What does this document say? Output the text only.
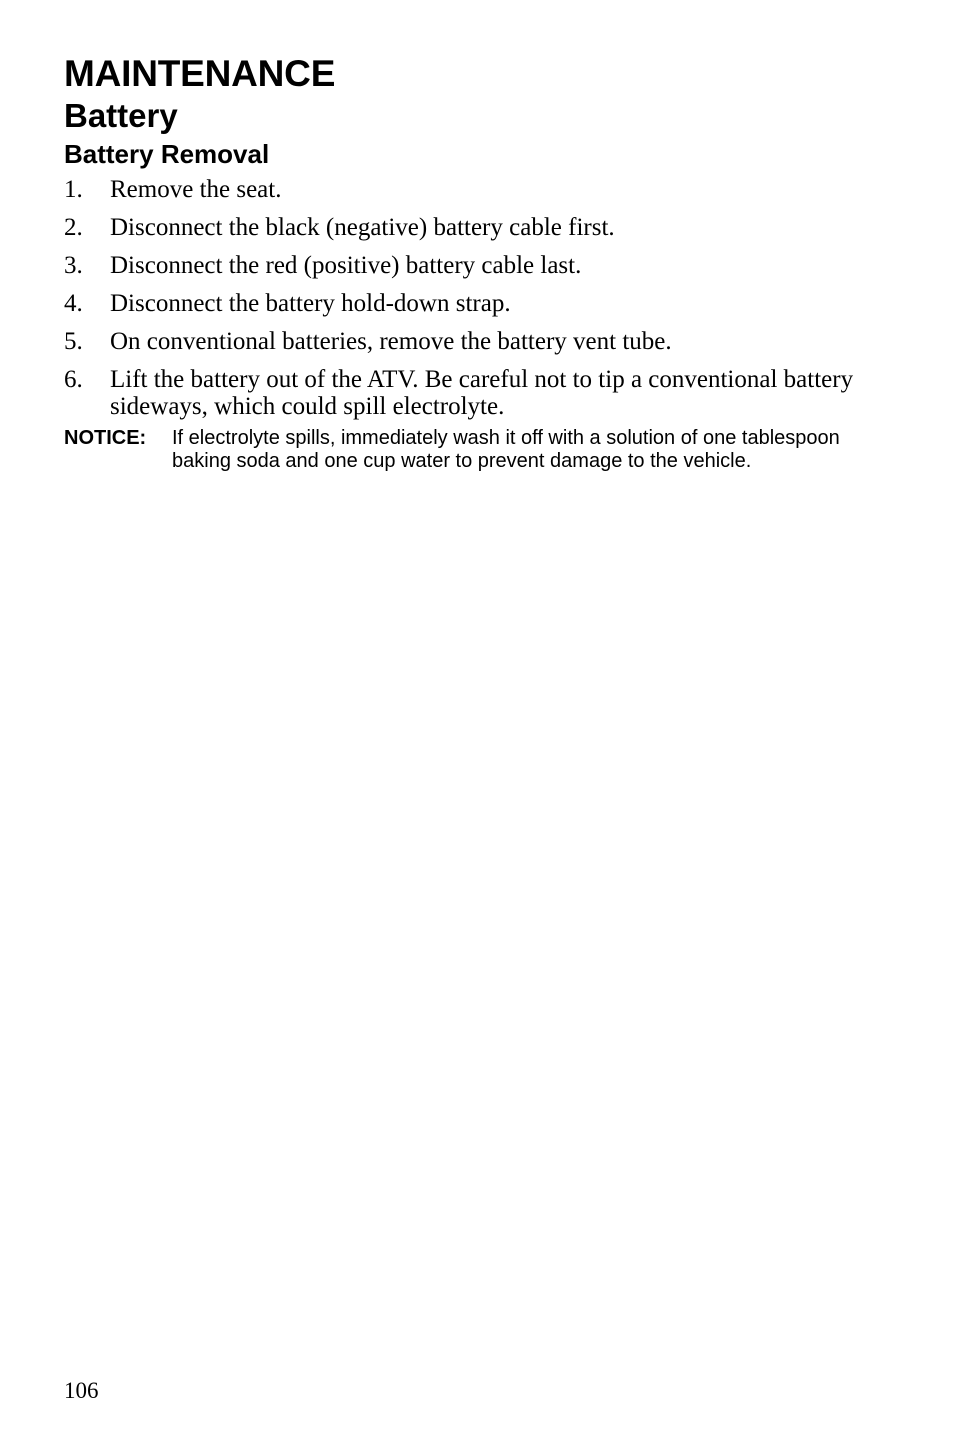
MAINTENANCE
Battery
Battery Removal
1.	Remove the seat.
2.	Disconnect the black (negative) battery cable first.
3.	Disconnect the red (positive) battery cable last.
4.	Disconnect the battery hold-down strap.
5.	On conventional batteries, remove the battery vent tube.
6.	Lift the battery out of the ATV. Be careful not to tip a conventional battery sideways, which could spill electrolyte.
NOTICE:	If electrolyte spills, immediately wash it off with a solution of one tablespoon baking soda and one cup water to prevent damage to the vehicle.
106
